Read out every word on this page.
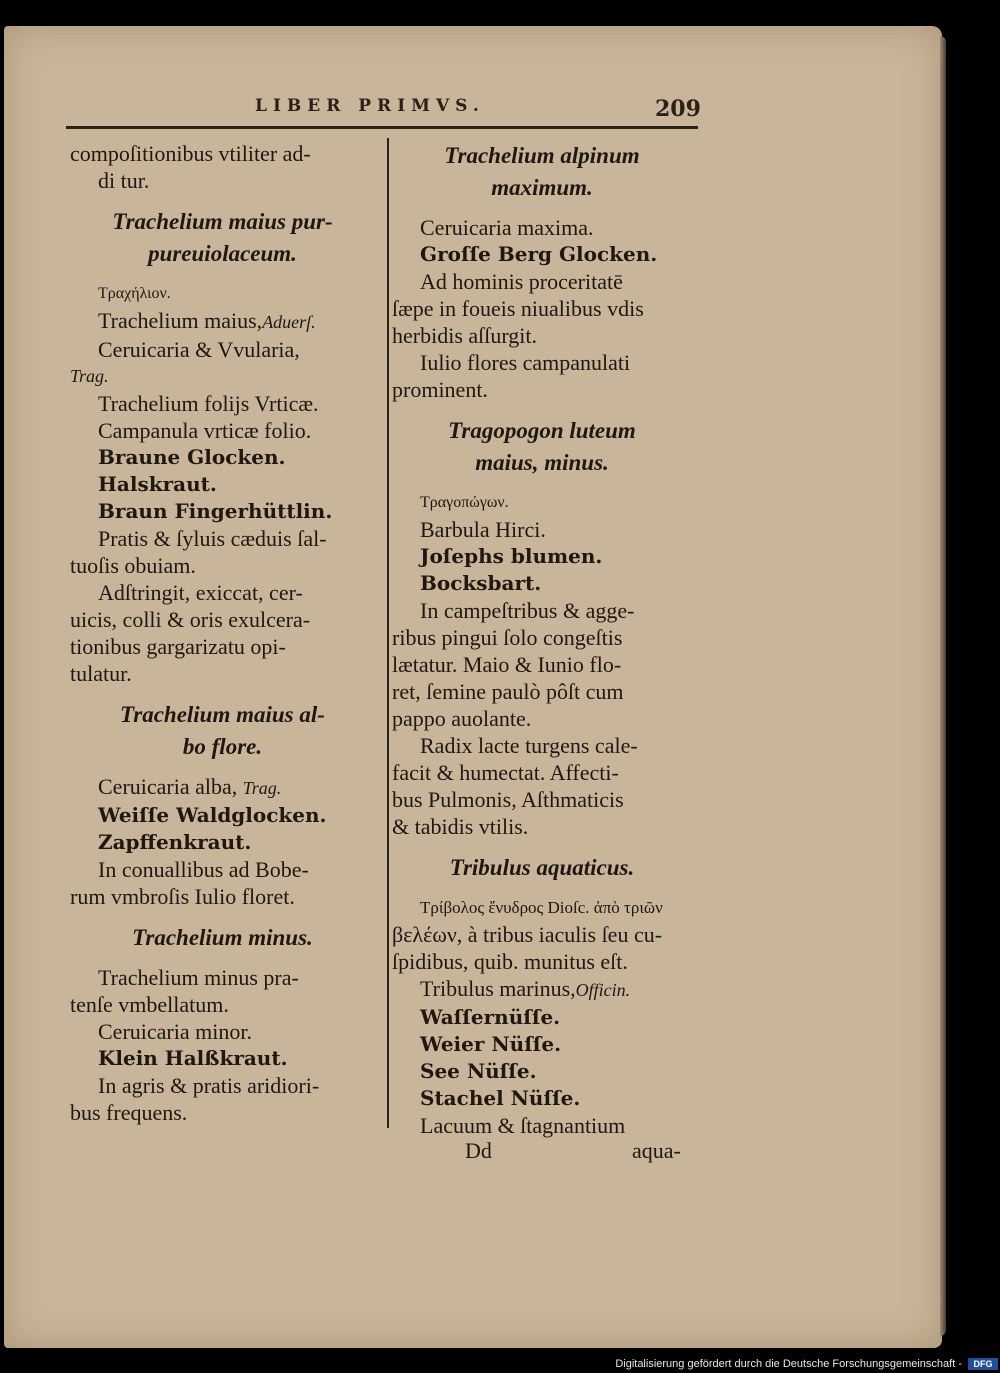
LIBER PRIMVS.	209
compoſitionibus vtiliter ad-
di tur.
Trachelium maius pur-
pureuiolaceum.
Τραχήλιον.
Trachelium maius,Aduerſ.
Ceruicaria & Vvularia,
Trag.
Trachelium folijs Vrticæ.
Campanula vrticæ folio.
Braune Glocken.
Halskraut.
Braun Fingerhüttlin.
Pratis & ſyluis cæduis ſal-
tuoſis obuiam.
Adſtringit, exiccat, cer-
uicis, colli & oris exulcera-
tionibus gargarizatu opi-
tulatur.
Trachelium maius al-
bo flore.
Ceruicaria alba, Trag.
Weiſſe Waldglocken.
Zapffenkraut.
In conuallibus ad Bobe-
rum vmbroſis Iulio floret.
Trachelium minus.
Trachelium minus pra-
tenſe vmbellatum.
Ceruicaria minor.
Klein Halßkraut.
In agris & pratis aridiori-
bus frequens.
Trachelium alpinum
maximum.
Ceruicaria maxima.
Groſſe Berg Glocken.
Ad hominis proceritatē
ſæpe in foueis niualibus vdis
herbidis aſſurgit.
Iulio flores campanulati
prominent.
Tragopogon luteum
maius, minus.
Τραγοπώγων.
Barbula Hirci.
Joſephs blumen.
Bocksbart.
In campeſtribus & agge-
ribus pingui ſolo congeſtis
lætatur. Maio & Iunio flo-
ret, ſemine paulò pôſt cum
pappo auolante.
Radix lacte turgens cale-
facit & humectat. Affecti-
bus Pulmonis, Aſthmaticis
& tabidis vtilis.
Tribulus aquaticus.
Τρίβολος ἔνυδρος Dioſc. ἀπὸ τριῶν
βελέων, à tribus iaculis ſeu cu-
ſpidibus, quib. munitus eſt.
Tribulus marinus,Officin.
Waſſernüſſe.
Weier Nüſſe.
See Nüſſe.
Stachel Nüſſe.
Lacuum & ſtagnantium
Dd	aqua-
Digitalisierung gefördert durch die Deutsche Forschungsgemeinschaft -	DFG
